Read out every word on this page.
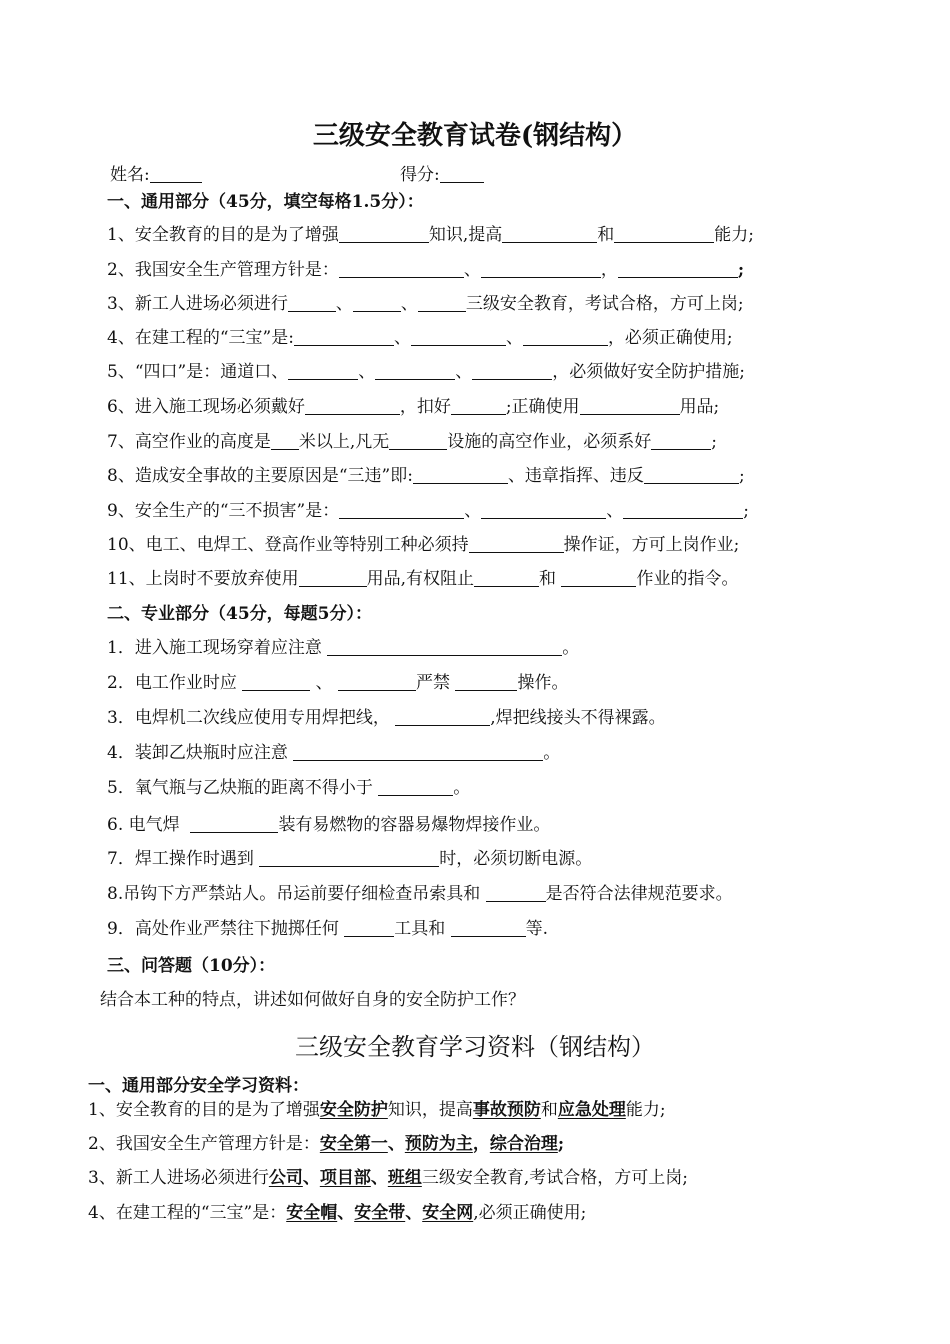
三级安全教育试卷(钢结构）
姓名:	得分:
一、通用部分（45分，填空每格1.5分）：
1、安全教育的目的是为了增强	知识,提高	和	能力;
2、我国安全生产管理方针是：	、	，	;
3、新工人进场必须进行	、	、	三级安全教育，考试合格，方可上岗;
4、在建工程的“三宝”是:	、	、	，必须正确使用;
5、“四口”是：通道口、	、	、	，必须做好安全防护措施;
6、进入施工现场必须戴好	，扣好	;正确使用	用品;
7、高空作业的高度是 米以上,凡无	设施的高空作业，必须系好	;
8、造成安全事故的主要原因是“三违”即:	、违章指挥、违反	;
9、安全生产的“三不损害”是：	、	、	;
10、电工、电焊工、登高作业等特别工种必须持	操作证，方可上岗作业;
11、上岗时不要放弃使用	用品,有权阻止	和	作业的指令。
二、专业部分（45分，每题5分）：
1．进入施工现场穿着应注意	。
2．电工作业时应	、	严禁	操作。
3．电焊机二次线应使用专用焊把线，	,焊把线接头不得裸露。
4．装卸乙炔瓶时应注意	。
5．氧气瓶与乙炔瓶的距离不得小于	。
6. 电气焊	装有易燃物的容器易爆物焊接作业。
7．焊工操作时遇到	时，必须切断电源。
8.吊钩下方严禁站人。吊运前要仔细检查吊索具和	是否符合法律规范要求。
9．高处作业严禁往下抛掷任何	工具和	等.
三、问答题（10分）：
结合本工种的特点，讲述如何做好自身的安全防护工作？
三级安全教育学习资料（钢结构）
一、通用部分安全学习资料：
1、安全教育的目的是为了增强安全防护知识，提高事故预防和应急处理能力;
2、我国安全生产管理方针是：安全第一、预防为主，综合治理;
3、新工人进场必须进行公司、项目部、班组三级安全教育,考试合格，方可上岗;
4、在建工程的“三宝”是：安全帽、安全带、安全网,必须正确使用;
